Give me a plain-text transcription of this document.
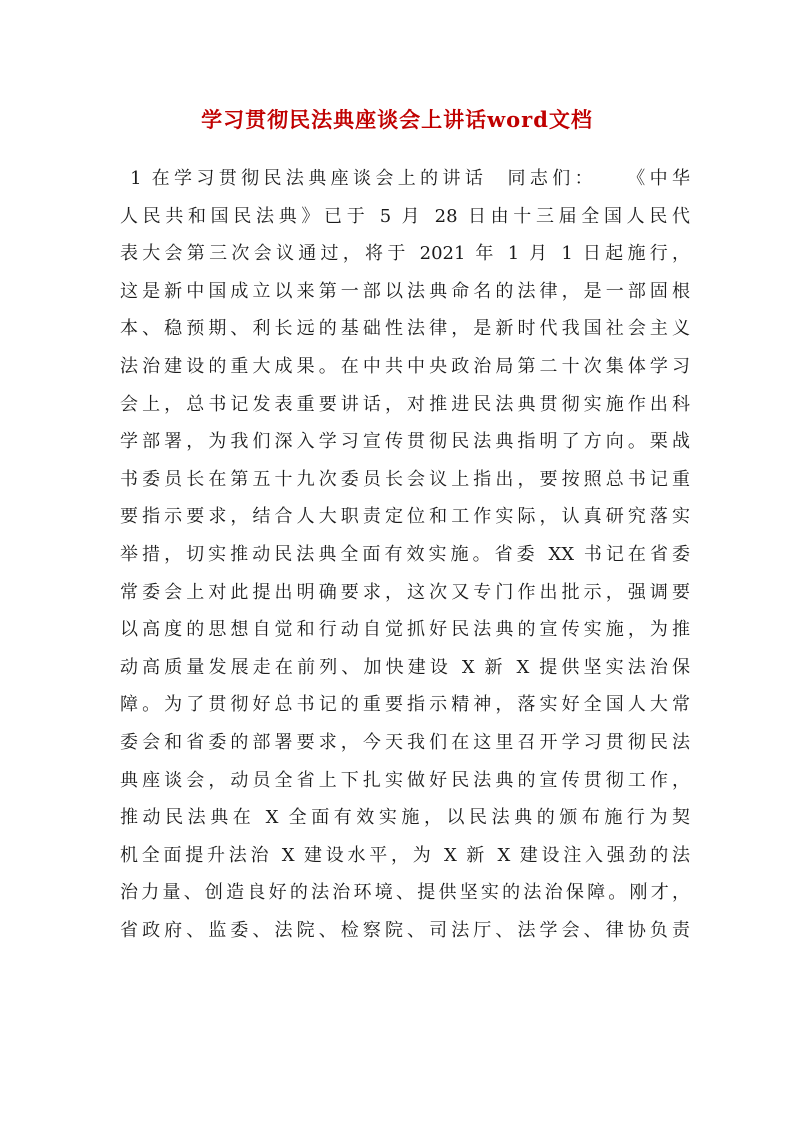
学习贯彻民法典座谈会上讲话word文档
1 在学习贯彻民法典座谈会上的讲话  同志们：   《中华
人民共和国民法典》已于 5 月 28 日由十三届全国人民代
表大会第三次会议通过，将于 2021 年 1 月 1 日起施行，
这是新中国成立以来第一部以法典命名的法律，是一部固根
本、稳预期、利长远的基础性法律，是新时代我国社会主义
法治建设的重大成果。在中共中央政治局第二十次集体学习
会上，总书记发表重要讲话，对推进民法典贯彻实施作出科
学部署，为我们深入学习宣传贯彻民法典指明了方向。栗战
书委员长在第五十九次委员长会议上指出，要按照总书记重
要指示要求，结合人大职责定位和工作实际，认真研究落实
举措，切实推动民法典全面有效实施。省委 XX 书记在省委
常委会上对此提出明确要求，这次又专门作出批示，强调要
以高度的思想自觉和行动自觉抓好民法典的宣传实施，为推
动高质量发展走在前列、加快建设 X 新 X 提供坚实法治保
障。为了贯彻好总书记的重要指示精神，落实好全国人大常
委会和省委的部署要求，今天我们在这里召开学习贯彻民法
典座谈会，动员全省上下扎实做好民法典的宣传贯彻工作，
推动民法典在 X 全面有效实施，以民法典的颁布施行为契
机全面提升法治 X 建设水平，为 X 新 X 建设注入强劲的法
治力量、创造良好的法治环境、提供坚实的法治保障。刚才，
省政府、监委、法院、检察院、司法厅、法学会、律协负责
